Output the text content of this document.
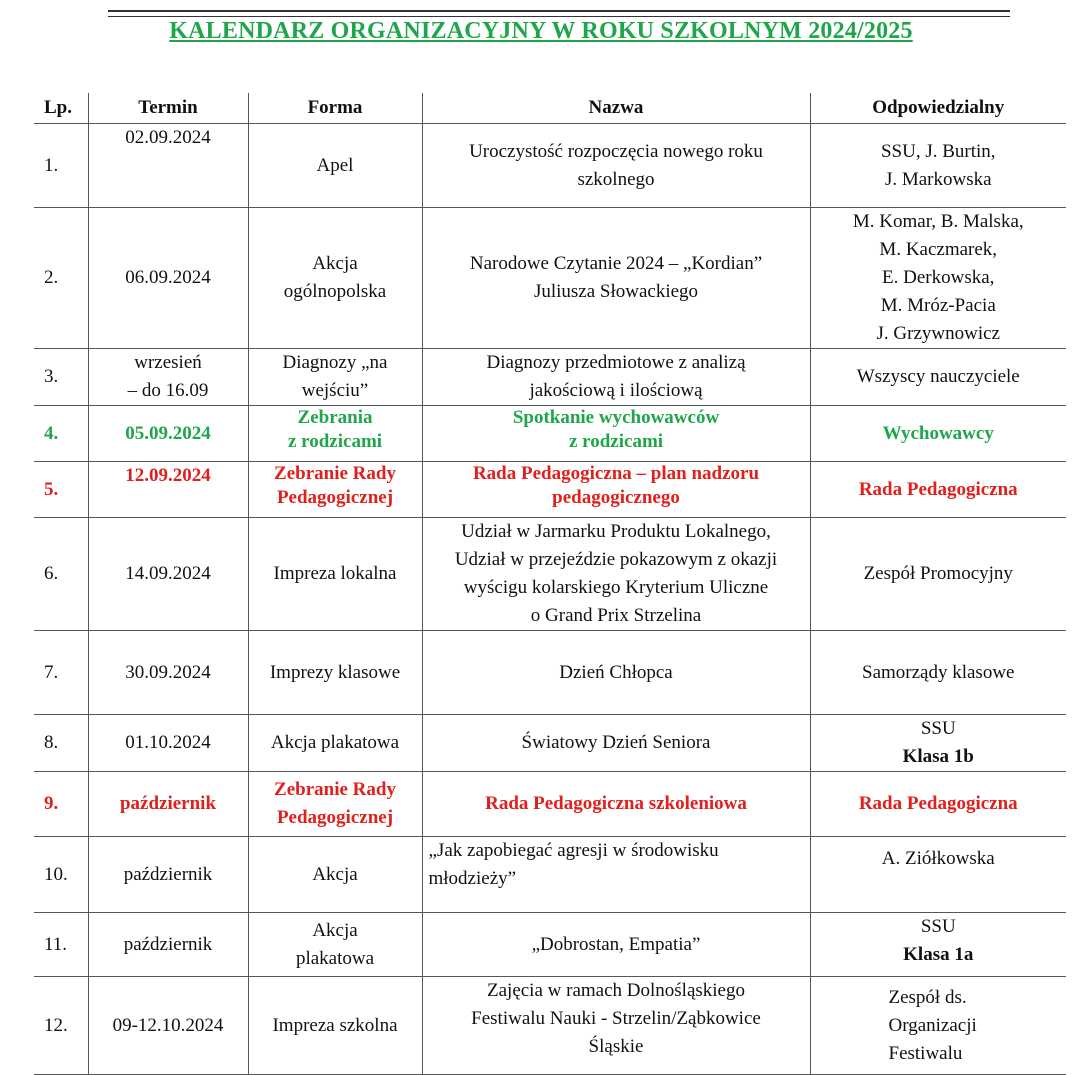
KALENDARZ ORGANIZACYJNY W ROKU SZKOLNYM 2024/2025
Lp.	Termin	Forma	Nazwa	Odpowiedzialny
1.	02.09.2024	Apel	Uroczystość rozpoczęcia nowego roku
szkolnego	SSU, J. Burtin,
J. Markowska
2.	06.09.2024	Akcja
ogólnopolska	Narodowe Czytanie 2024 – „Kordian”
Juliusza Słowackiego	M. Komar, B. Malska,
M. Kaczmarek,
E. Derkowska,
M. Mróz-Pacia
J. Grzywnowicz
3.	wrzesień
– do 16.09	Diagnozy „na
wejściu”	Diagnozy przedmiotowe z analizą
jakościową i ilościową	Wszyscy nauczyciele
4.	05.09.2024	Zebrania
z rodzicami	Spotkanie wychowawców
z rodzicami	Wychowawcy
5.	12.09.2024	Zebranie Rady
Pedagogicznej	Rada Pedagogiczna – plan nadzoru
pedagogicznego	Rada Pedagogiczna
6.	14.09.2024	Impreza lokalna	Udział w Jarmarku Produktu Lokalnego,
Udział w przejeździe pokazowym z okazji
wyścigu kolarskiego Kryterium Uliczne
o Grand Prix Strzelina	Zespół Promocyjny
7.	30.09.2024	Imprezy klasowe	Dzień Chłopca	Samorządy klasowe
8.	01.10.2024	Akcja plakatowa	Światowy Dzień Seniora	SSU
Klasa 1b
9.	październik	Zebranie Rady
Pedagogicznej	Rada Pedagogiczna szkoleniowa	Rada Pedagogiczna
10.	październik	Akcja	„Jak zapobiegać agresji w środowisku
młodzieży”	A. Ziółkowska
11.	październik	Akcja
plakatowa	„Dobrostan, Empatia”	SSU
Klasa 1a
12.	09-12.10.2024	Impreza szkolna	Zajęcia w ramach Dolnośląskiego
Festiwalu Nauki - Strzelin/Ząbkowice
Śląskie	Zespół ds.
Organizacji
Festiwalu
